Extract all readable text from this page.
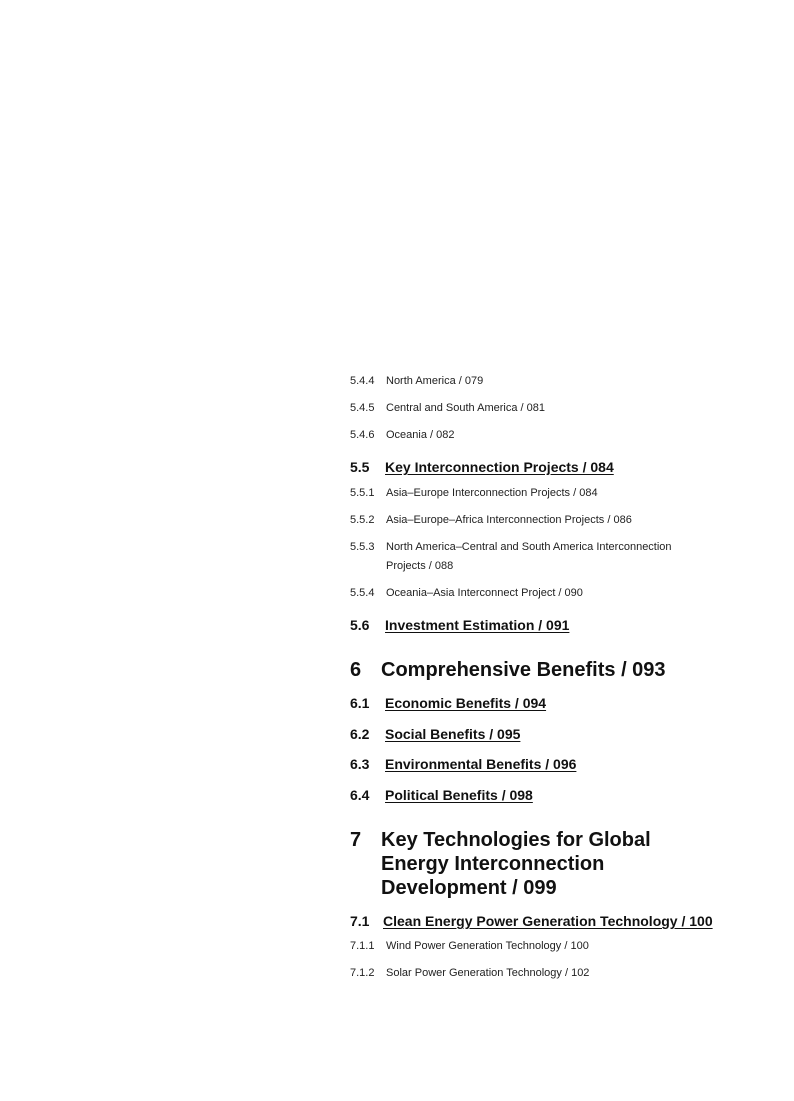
5.4.4 North America / 079
5.4.5 Central and South America / 081
5.4.6 Oceania / 082
5.5 Key Interconnection Projects / 084
5.5.1 Asia–Europe Interconnection Projects / 084
5.5.2 Asia–Europe–Africa Interconnection Projects / 086
5.5.3 North America–Central and South America Interconnection Projects / 088
5.5.4 Oceania–Asia Interconnect Project / 090
5.6 Investment Estimation / 091
6 Comprehensive Benefits / 093
6.1 Economic Benefits / 094
6.2 Social Benefits / 095
6.3 Environmental Benefits / 096
6.4 Political Benefits / 098
7 Key Technologies for Global
Energy Interconnection
Development / 099
7.1 Clean Energy Power Generation Technology / 100
7.1.1 Wind Power Generation Technology / 100
7.1.2 Solar Power Generation Technology / 102
